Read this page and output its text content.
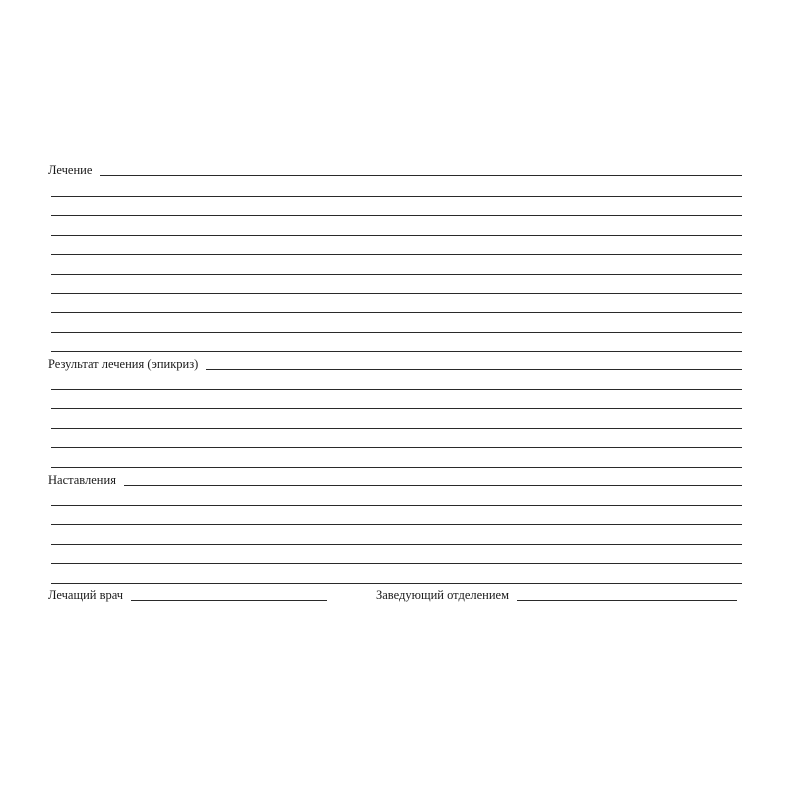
Лечение
Результат лечения (эпикриз)
Наставления
Лечащий врач	Заведующий отделением
